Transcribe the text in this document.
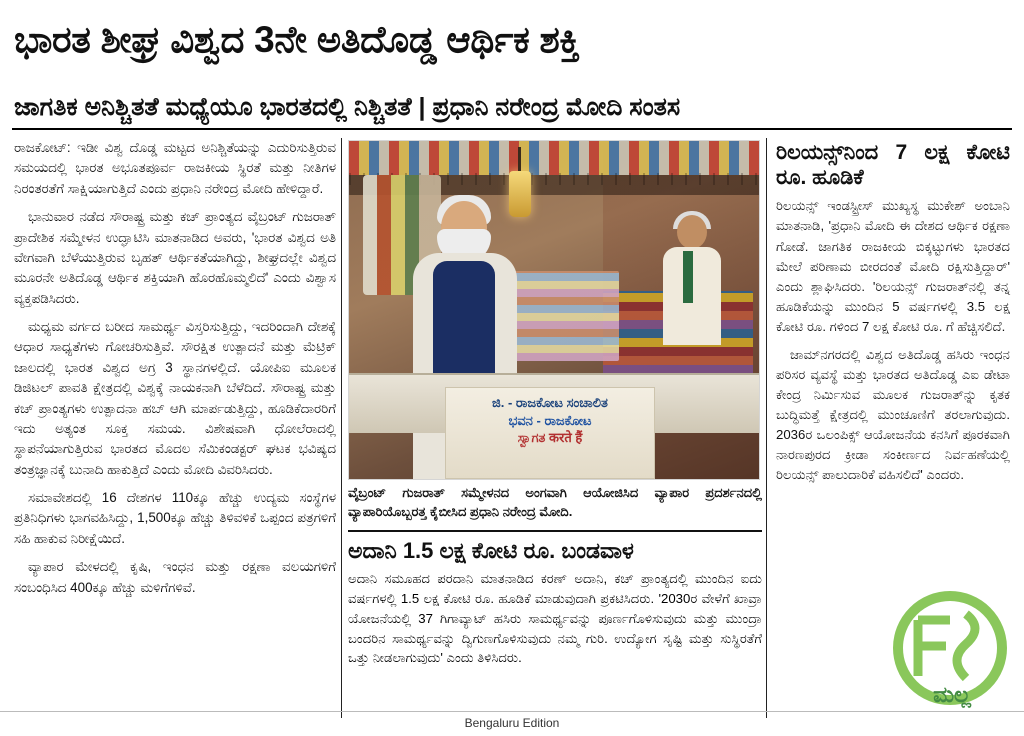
ಭಾರತ ಶೀಘ್ರ ವಿಶ್ವದ 3ನೇ ಅತಿದೊಡ್ಡ ಆರ್ಥಿಕ ಶಕ್ತಿ
ಜಾಗತಿಕ ಅನಿಶ್ಚಿತತೆ ಮಧ್ಯೆಯೂ ಭಾರತದಲ್ಲಿ ನಿಶ್ಚಿತತೆ | ಪ್ರಧಾನಿ ನರೇಂದ್ರ ಮೋದಿ ಸಂತಸ

ರಾಜಕೋಟ್: ಇಡೀ ವಿಶ್ವ ದೊಡ್ಡ ಮಟ್ಟದ ಅನಿಶ್ಚಿತೆಯನ್ನು ಎದುರಿಸುತ್ತಿರುವ ಸಮಯದಲ್ಲಿ ಭಾರತ ಅಭೂತಪೂರ್ವ ರಾಜಕೀಯ ಸ್ಥಿರತೆ ಮತ್ತು ನೀತಿಗಳ ನಿರಂತರತೆಗೆ ಸಾಕ್ಷಿಯಾಗುತ್ತಿದೆ ಎಂದು ಪ್ರಧಾನಿ ನರೇಂದ್ರ ಮೋದಿ ಹೇಳಿದ್ದಾರೆ.

ಭಾನುವಾರ ನಡೆದ ಸೌರಾಷ್ಟ್ರ ಮತ್ತು ಕಚ್ ಪ್ರಾಂತ್ಯದ ವೈಬ್ರಂಟ್ ಗುಜರಾತ್ ಪ್ರಾದೇಶಿಕ ಸಮ್ಮೇಳನ ಉದ್ಘಾಟಿಸಿ ಮಾತನಾಡಿದ ಅವರು, 'ಭಾರತ ವಿಶ್ವದ ಅತಿ ವೇಗವಾಗಿ ಬೆಳೆಯುತ್ತಿರುವ ಬೃಹತ್ ಆರ್ಥಿಕತೆಯಾಗಿದ್ದು, ಶೀಘ್ರದಲ್ಲೇ ವಿಶ್ವದ ಮೂರನೇ ಅತಿದೊಡ್ಡ ಆರ್ಥಿಕ ಶಕ್ತಿಯಾಗಿ ಹೊರಹೊಮ್ಮಲಿದೆ' ಎಂದು ವಿಶ್ವಾಸ ವ್ಯಕ್ತಪಡಿಸಿದರು.

ಮಧ್ಯಮ ವರ್ಗದ ಬರೀದ ಸಾಮರ್ಥ್ಯ ವಿಸ್ತರಿಸುತ್ತಿದ್ದು, ಇದರಿಂದಾಗಿ ದೇಶಕ್ಕೆ ಆಧಾರ ಸಾಧ್ಯತೆಗಳು ಗೋಚರಿಸುತ್ತಿವೆ. ಸೌರಕ್ಷಿತ ಉತ್ಪಾದನೆ ಮತ್ತು ಮೆಟ್ರಿಕ್ ಜಾಲದಲ್ಲಿ ಭಾರತ ವಿಶ್ವದ ಅಗ್ರ 3 ಸ್ಥಾನಗಳಲ್ಲಿದೆ. ಯೋಪಿಐ ಮೂಲಕ ಡಿಜಿಟಲ್ ಪಾವತಿ ಕ್ಷೇತ್ರದಲ್ಲಿ ವಿಶ್ವಕ್ಕೆ ನಾಯಕನಾಗಿ ಬೆಳೆದಿದೆ. ಸೌರಾಷ್ಟ್ರ ಮತ್ತು ಕಚ್ ಪ್ರಾಂತ್ಯಗಳು ಉತ್ಪಾದನಾ ಹಬ್ ಆಗಿ ಮಾರ್ಪಡುತ್ತಿದ್ದು, ಹೂಡಿಕೆದಾರರಿಗೆ ಇದು ಅತ್ಯಂತ ಸೂಕ್ತ ಸಮಯ. ವಿಶೇಷವಾಗಿ ಧೋಲೆರಾದಲ್ಲಿ ಸ್ಥಾಪನೆಯಾಗುತ್ತಿರುವ ಭಾರತದ ಮೊದಲ ಸೆಮಿಕಂಡಕ್ಟರ್ ಘಟಕ ಭವಿಷ್ಯದ ತಂತ್ರಜ್ಞಾನಕ್ಕೆ ಬುನಾದಿ ಹಾಕುತ್ತಿದೆ ಎಂದು ಮೋದಿ ವಿವರಿಸಿದರು.

ಸಮಾವೇಶದಲ್ಲಿ 16 ದೇಶಗಳ 110ಕ್ಕೂ ಹೆಚ್ಚು ಉದ್ಯಮ ಸಂಸ್ಥೆಗಳ ಪ್ರತಿನಿಧಿಗಳು ಭಾಗವಹಿಸಿದ್ದು, 1,500ಕ್ಕೂ ಹೆಚ್ಚು ತಿಳಿವಳಿಕೆ ಒಪ್ಪಂದ ಪತ್ರಗಳಿಗೆ ಸಹಿ ಹಾಕುವ ನಿರೀಕ್ಷೆಯಿದೆ.

ವ್ಯಾಪಾರ ಮೇಳದಲ್ಲಿ ಕೃಷಿ, ಇಂಧನ ಮತ್ತು ರಕ್ಷಣಾ ವಲಯಗಳಿಗೆ ಸಂಬಂಧಿಸಿದ 400ಕ್ಕೂ ಹೆಚ್ಚು ಮಳಿಗೆಗಳಿವೆ.

ಜಿ. - ರಾಜಕೋಟ ಸಂಚಾಲಿತ
ಭವನ - ರಾಜಕೋಟ
ಸ್ವಾಗತ करते हैं
ವೈಬ್ರಂಟ್ ಗುಜರಾತ್ ಸಮ್ಮೇಳನದ ಅಂಗವಾಗಿ ಆಯೋಜಿಸಿದ ವ್ಯಾಪಾರ ಪ್ರದರ್ಶನದಲ್ಲಿ ವ್ಯಾಪಾರಿಯೊಬ್ಬರತ್ತ ಕೈಬೀಸಿದ ಪ್ರಧಾನಿ ನರೇಂದ್ರ ಮೋದಿ.
ಅದಾನಿ 1.5 ಲಕ್ಷ ಕೋಟಿ ರೂ. ಬಂಡವಾಳ

ಅದಾನಿ ಸಮೂಹದ ಪರದಾನಿ ಮಾತನಾಡಿದ ಕರಣ್ ಅದಾನಿ, ಕಚ್ ಪ್ರಾಂತ್ಯದಲ್ಲಿ ಮುಂದಿನ ಐದು ವರ್ಷಗಳಲ್ಲಿ 1.5 ಲಕ್ಷ ಕೋಟಿ ರೂ. ಹೂಡಿಕೆ ಮಾಡುವುದಾಗಿ ಪ್ರಕಟಿಸಿದರು. '2030ರ ವೇಳೆಗೆ ಖಾವ್ರಾ ಯೋಜನೆಯಲ್ಲಿ 37 ಗಿಗಾವ್ಯಾಟ್ ಹಸಿರು ಸಾಮರ್ಥ್ಯವನ್ನು ಪೂರ್ಣಗೊಳಿಸುವುದು ಮತ್ತು ಮುಂದ್ರಾ ಬಂದರಿನ ಸಾಮರ್ಥ್ಯವನ್ನು ದ್ವಿಗುಣಗೊಳಿಸುವುದು ನಮ್ಮ ಗುರಿ. ಉದ್ಯೋಗ ಸೃಷ್ಟಿ ಮತ್ತು ಸುಸ್ಥಿರತೆಗೆ ಒತ್ತು ನೀಡಲಾಗುವುದು' ಎಂದು ತಿಳಿಸಿದರು.

ರಿಲಯನ್ಸ್‌ನಿಂದ 7 ಲಕ್ಷ ಕೋಟಿ ರೂ. ಹೂಡಿಕೆ

ರಿಲಯನ್ಸ್ ಇಂಡಸ್ಟ್ರೀಸ್ ಮುಖ್ಯಸ್ಥ ಮುಕೇಶ್ ಅಂಬಾನಿ ಮಾತನಾಡಿ, 'ಪ್ರಧಾನಿ ಮೋದಿ ಈ ದೇಶದ ಆರ್ಥಿಕ ರಕ್ಷಣಾ ಗೋಡೆ. ಜಾಗತಿಕ ರಾಜಕೀಯ ಬಿಕ್ಕಟ್ಟುಗಳು ಭಾರತದ ಮೇಲೆ ಪರಿಣಾಮ ಬೀರದಂತೆ ಮೋದಿ ರಕ್ಷಿಸುತ್ತಿದ್ದಾರ್' ಎಂದು ಶ್ಲಾಘಿಸಿದರು. 'ರಿಲಯನ್ಸ್ ಗುಜರಾತ್‌ನಲ್ಲಿ ತನ್ನ ಹೂಡಿಕೆಯನ್ನು ಮುಂದಿನ 5 ವರ್ಷಗಳಲ್ಲಿ 3.5 ಲಕ್ಷ ಕೋಟಿ ರೂ. ಗಳಿಂದ 7 ಲಕ್ಷ ಕೋಟಿ ರೂ. ಗೆ ಹೆಚ್ಚಿಸಲಿದೆ.

ಜಾಮ್‌ನಗರದಲ್ಲಿ ವಿಶ್ವದ ಅತಿದೊಡ್ಡ ಹಸಿರು ಇಂಧನ ಪರಿಸರ ವ್ಯವಸ್ಥೆ ಮತ್ತು ಭಾರತದ ಅತಿದೊಡ್ಡ ಎಐ ಡೇಟಾ ಕೇಂದ್ರ ನಿರ್ಮಿಸುವ ಮೂಲಕ ಗುಜರಾತ್‌ನ್ನು ಕೃತಕ ಬುದ್ಧಿಮತ್ತೆ ಕ್ಷೇತ್ರದಲ್ಲಿ ಮುಂಚೂಣಿಗೆ ತರಲಾಗುವುದು. 2036ರ ಒಲಂಪಿಕ್ಸ್ ಆಯೋಜನೆಯ ಕನಸಿಗೆ ಪೂರಕವಾಗಿ ನಾರಣಪುರದ ಕ್ರೀಡಾ ಸಂಕೀರ್ಣದ ನಿರ್ವಹಣೆಯಲ್ಲಿ ರಿಲಯನ್ಸ್ ಪಾಲುದಾರಿಕೆ ವಹಿಸಲಿದೆ' ಎಂದರು.

ಮಲ್ಲ
Bengaluru Edition
